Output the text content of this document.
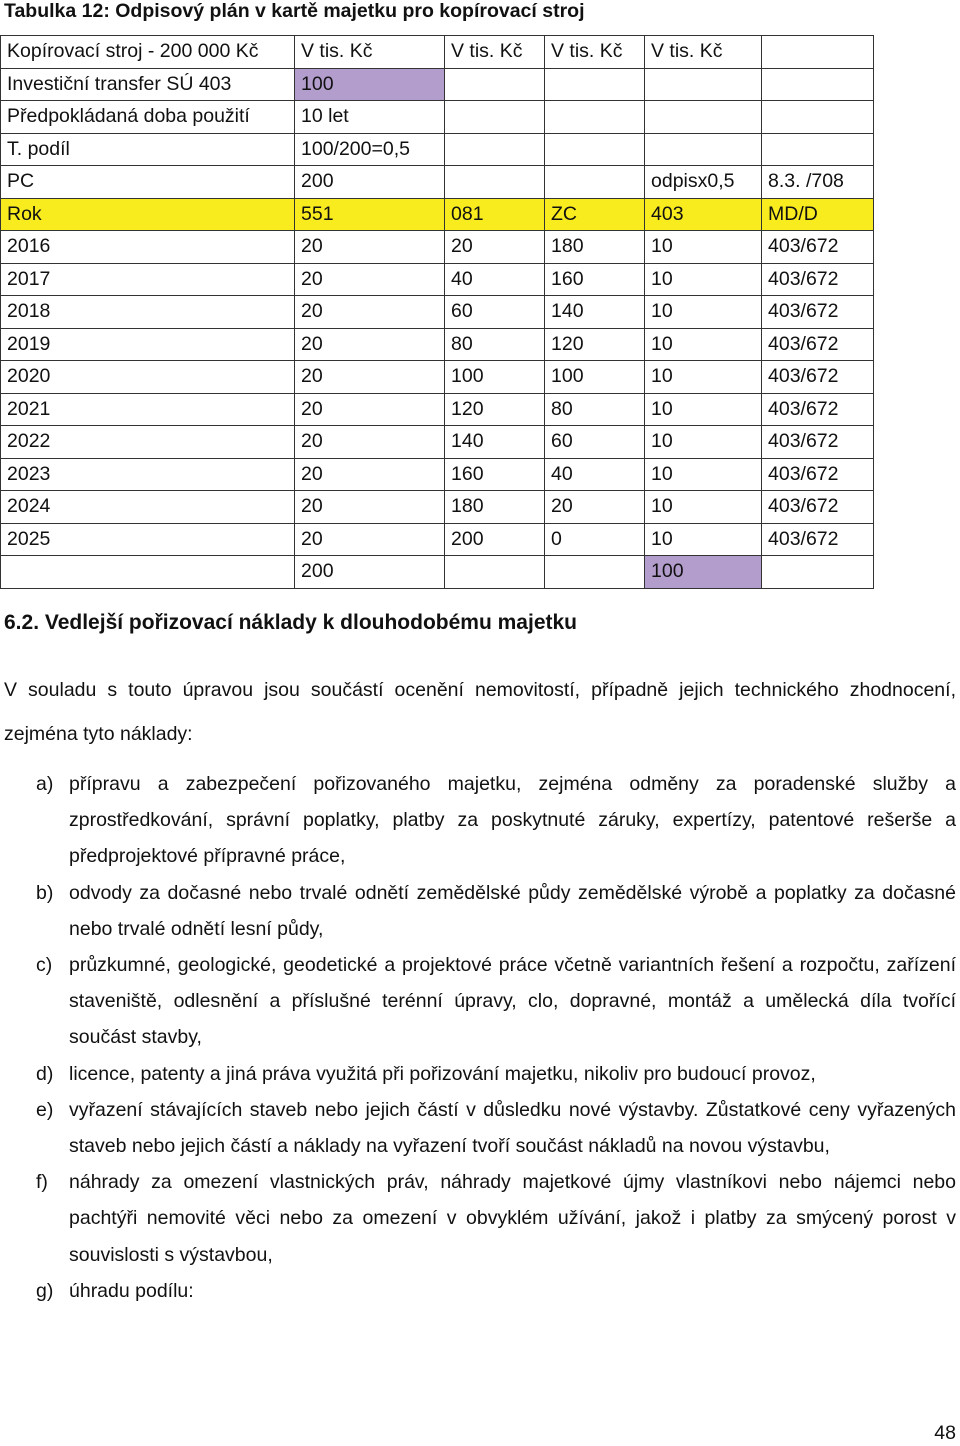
Tabulka 12: Odpisový plán v kartě majetku pro kopírovací stroj
Kopírovací stroj - 200 000 Kč	V tis. Kč	V tis. Kč	V tis. Kč	V tis. Kč	
Investiční transfer SÚ 403	100				
Předpokládaná doba použití	10 let				
T. podíl	100/200=0,5				
PC	200			odpisx0,5	8.3. /708
Rok	551	081	ZC	403	MD/D
2016	20	20	180	10	403/672
2017	20	40	160	10	403/672
2018	20	60	140	10	403/672
2019	20	80	120	10	403/672
2020	20	100	100	10	403/672
2021	20	120	80	10	403/672
2022	20	140	60	10	403/672
2023	20	160	40	10	403/672
2024	20	180	20	10	403/672
2025	20	200	0	10	403/672
	200			100	
6.2. Vedlejší pořizovací náklady k dlouhodobému majetku
V souladu s touto úpravou jsou součástí ocenění nemovitostí, případně jejich technického zhodnocení, zejména tyto náklady:
a) přípravu a zabezpečení pořizovaného majetku, zejména odměny za poradenské služby a zprostředkování, správní poplatky, platby za poskytnuté záruky, expertízy, patentové rešerše a předprojektové přípravné práce,
b) odvody za dočasné nebo trvalé odnětí zemědělské půdy zemědělské výrobě a poplatky za dočasné nebo trvalé odnětí lesní půdy,
c) průzkumné, geologické, geodetické a projektové práce včetně variantních řešení a rozpočtu, zařízení staveniště, odlesnění a příslušné terénní úpravy, clo, dopravné, montáž a umělecká díla tvořící součást stavby,
d) licence, patenty a jiná práva využitá při pořizování majetku, nikoliv pro budoucí provoz,
e) vyřazení stávajících staveb nebo jejich částí v důsledku nové výstavby. Zůstatkové ceny vyřazených staveb nebo jejich částí a náklady na vyřazení tvoří součást nákladů na novou výstavbu,
f) náhrady za omezení vlastnických práv, náhrady majetkové újmy vlastníkovi nebo nájemci nebo pachtýři nemovité věci nebo za omezení v obvyklém užívání, jakož i platby za smýcený porost v souvislosti s výstavbou,
g) úhradu podílu:
48
